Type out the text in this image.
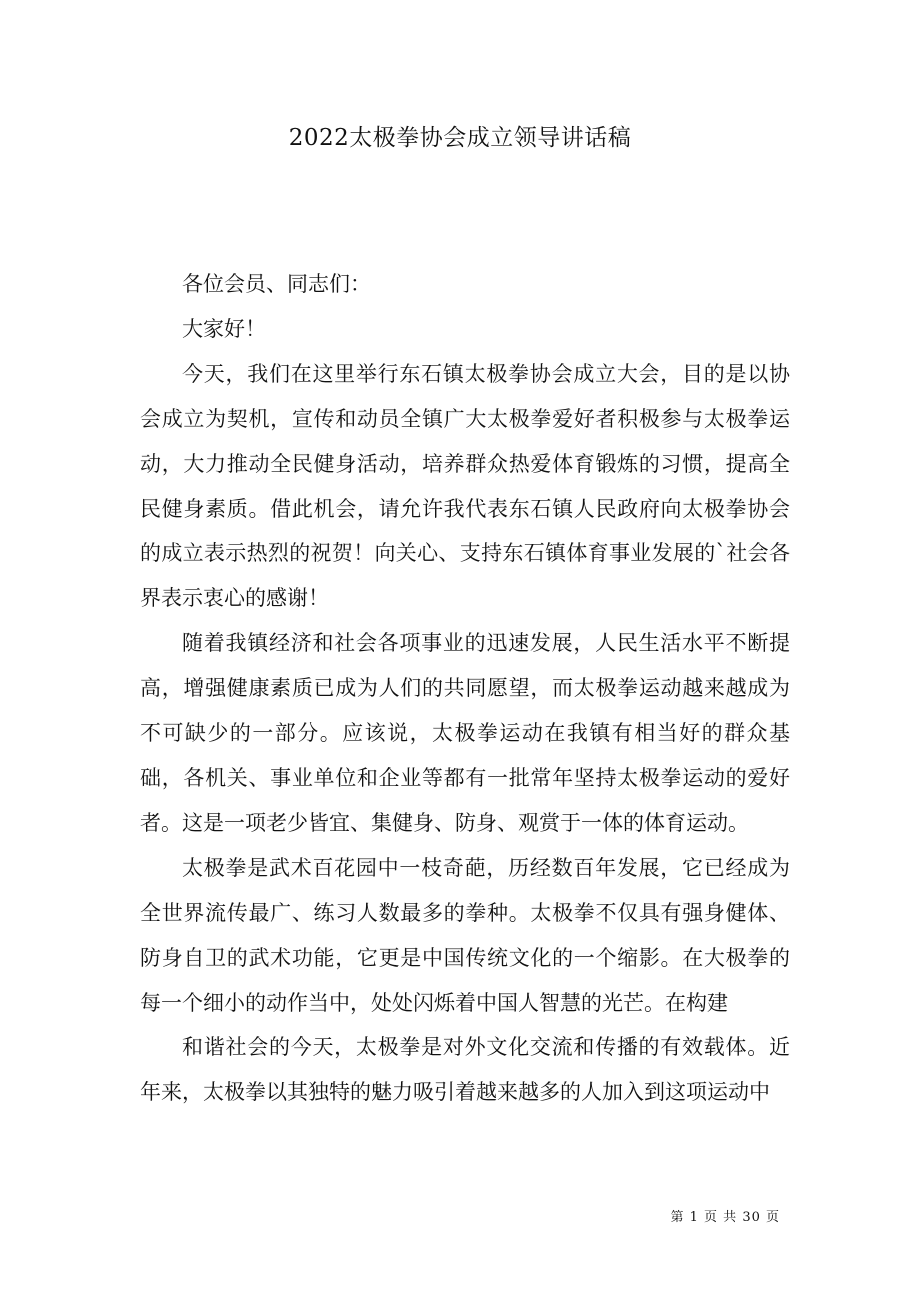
2022太极拳协会成立领导讲话稿

各位会员、同志们：

大家好！

今天，我们在这里举行东石镇太极拳协会成立大会，目的是以协会成立为契机，宣传和动员全镇广大太极拳爱好者积极参与太极拳运动，大力推动全民健身活动，培养群众热爱体育锻炼的习惯，提高全民健身素质。借此机会，请允许我代表东石镇人民政府向太极拳协会的成立表示热烈的祝贺！向关心、支持东石镇体育事业发展的`社会各界表示衷心的感谢！

随着我镇经济和社会各项事业的迅速发展，人民生活水平不断提高，增强健康素质已成为人们的共同愿望，而太极拳运动越来越成为不可缺少的一部分。应该说，太极拳运动在我镇有相当好的群众基础，各机关、事业单位和企业等都有一批常年坚持太极拳运动的爱好者。这是一项老少皆宜、集健身、防身、观赏于一体的体育运动。

太极拳是武术百花园中一枝奇葩，历经数百年发展，它已经成为全世界流传最广、练习人数最多的拳种。太极拳不仅具有强身健体、防身自卫的武术功能，它更是中国传统文化的一个缩影。在大极拳的每一个细小的动作当中，处处闪烁着中国人智慧的光芒。在构建

和谐社会的今天，太极拳是对外文化交流和传播的有效载体。近年来，太极拳以其独特的魅力吸引着越来越多的人加入到这项运动中

第 1 页 共 30 页
